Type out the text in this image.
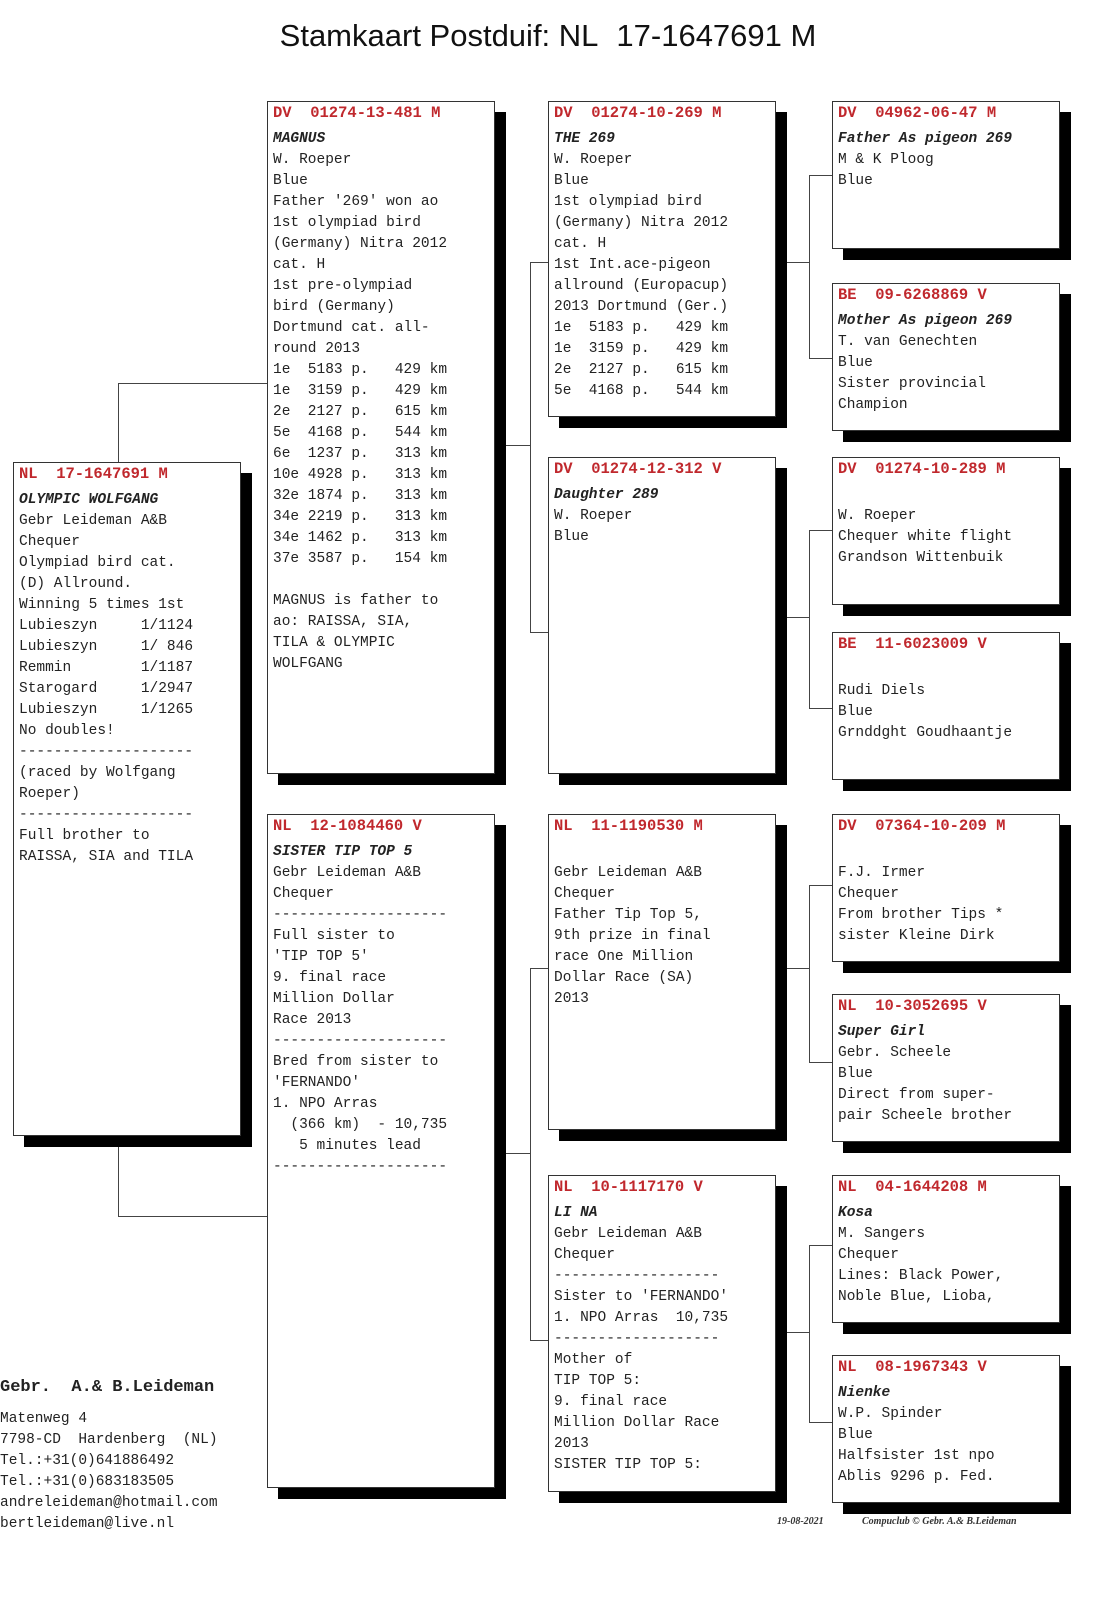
Stamkaart Postduif: NL 17-1647691 M
NL  17-1647691 M
OLYMPIC WOLFGANG
Gebr Leideman A&B
Chequer
Olympiad bird cat.
(D) Allround.
Winning 5 times 1st
Lubieszyn     1/1124
Lubieszyn     1/ 846
Remmin        1/1187
Starogard     1/2947
Lubieszyn     1/1265
No doubles!
--------------------
(raced by Wolfgang
Roeper)
--------------------
Full brother to
RAISSA, SIA and TILA
DV  01274-13-481 M
MAGNUS
W. Roeper
Blue
Father '269' won ao
1st olympiad bird
(Germany) Nitra 2012
cat. H
1st pre-olympiad
bird (Germany)
Dortmund cat. all-
round 2013
1e  5183 p.   429 km
1e  3159 p.   429 km
2e  2127 p.   615 km
5e  4168 p.   544 km
6e  1237 p.   313 km
10e 4928 p.   313 km
32e 1874 p.   313 km
34e 2219 p.   313 km
34e 1462 p.   313 km
37e 3587 p.   154 km
MAGNUS is father to
ao: RAISSA, SIA,
TILA & OLYMPIC
WOLFGANG
NL  12-1084460 V
SISTER TIP TOP 5
Gebr Leideman A&B
Chequer
--------------------
Full sister to
'TIP TOP 5'
9. final race
Million Dollar
Race 2013
--------------------
Bred from sister to
'FERNANDO'
1. NPO Arras
(366 km)  - 10,735
5 minutes lead
--------------------
DV  01274-10-269 M
THE 269
W. Roeper
Blue
1st olympiad bird
(Germany) Nitra 2012
cat. H
1st Int.ace-pigeon
allround (Europacup)
2013 Dortmund (Ger.)
1e  5183 p.   429 km
1e  3159 p.   429 km
2e  2127 p.   615 km
5e  4168 p.   544 km
DV  01274-12-312 V
Daughter 289
W. Roeper
Blue
NL  11-1190530 M
Gebr Leideman A&B
Chequer
Father Tip Top 5,
9th prize in final
race One Million
Dollar Race (SA)
2013
NL  10-1117170 V
LI NA
Gebr Leideman A&B
Chequer
-------------------
Sister to 'FERNANDO'
1. NPO Arras  10,735
-------------------
Mother of
TIP TOP 5:
9. final race
Million Dollar Race
2013
SISTER TIP TOP 5:
DV  04962-06-47 M
Father As pigeon 269
M & K Ploog
Blue
BE  09-6268869 V
Mother As pigeon 269
T. van Genechten
Blue
Sister provincial
Champion
DV  01274-10-289 M
W. Roeper
Chequer white flight
Grandson Wittenbuik
BE  11-6023009 V
Rudi Diels
Blue
Grnddght Goudhaantje
DV  07364-10-209 M
F.J. Irmer
Chequer
From brother Tips *
sister Kleine Dirk
NL  10-3052695 V
Super Girl
Gebr. Scheele
Blue
Direct from super-
pair Scheele brother
NL  04-1644208 M
Kosa
M. Sangers
Chequer
Lines: Black Power,
Noble Blue, Lioba,
NL  08-1967343 V
Nienke
W.P. Spinder
Blue
Halfsister 1st npo
Ablis 9296 p. Fed.
Gebr.  A.& B.Leideman
Matenweg 4
7798-CD  Hardenberg  (NL)
Tel.:+31(0)641886492
Tel.:+31(0)683183505
andreleideman@hotmail.com
bertleideman@live.nl	19-08-2021	Compuclub © Gebr. A.& B.Leideman
